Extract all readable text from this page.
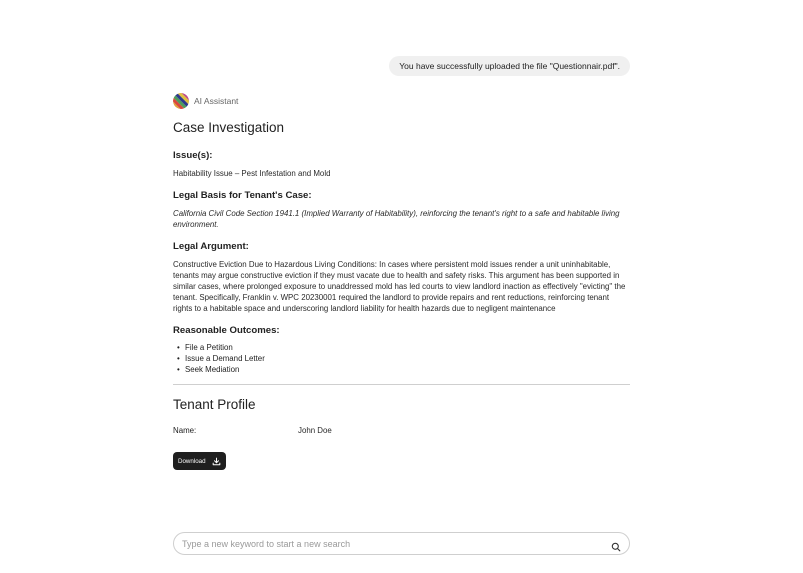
You have successfully uploaded the file "Questionnair.pdf".
AI Assistant
Case Investigation
Issue(s):
Habitability Issue – Pest Infestation and Mold
Legal Basis for Tenant's Case:
California Civil Code Section 1941.1 (Implied Warranty of Habitability), reinforcing the tenant's right to a safe and habitable living environment.
Legal Argument:
Constructive Eviction Due to Hazardous Living Conditions: In cases where persistent mold issues render a unit uninhabitable, tenants may argue constructive eviction if they must vacate due to health and safety risks. This argument has been supported in similar cases, where prolonged exposure to unaddressed mold has led courts to view landlord inaction as effectively "evicting" the tenant. Specifically, Franklin v. WPC 20230001 required the landlord to provide repairs and rent reductions, reinforcing tenant rights to a habitable space and underscoring landlord liability for health hazards due to negligent maintenance
Reasonable Outcomes:
• File a Petition
• Issue a Demand Letter
• Seek Mediation
Tenant Profile
Name:	John Doe
Download
Type a new keyword to start a new search
